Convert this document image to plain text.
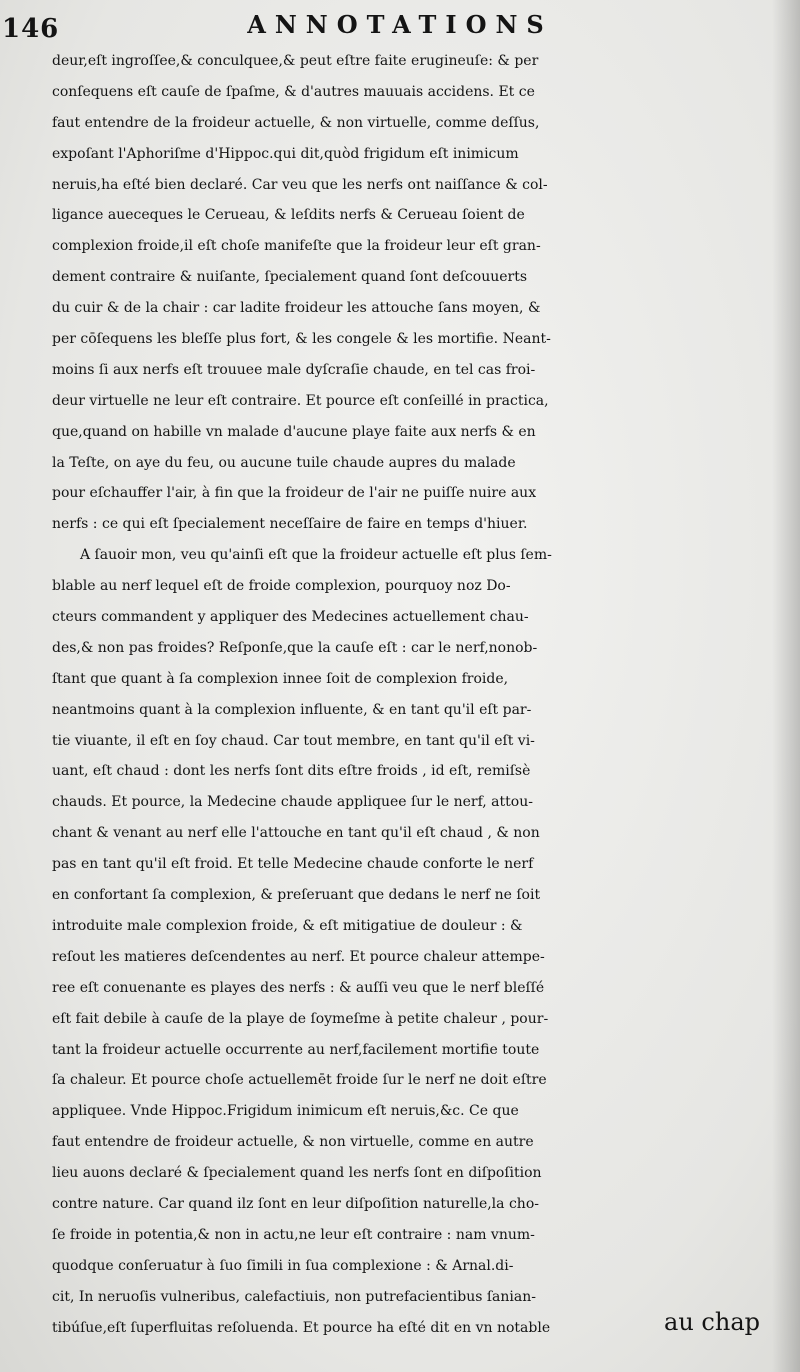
146	ANNOTATIONS
deur,eſt ingroſſee,& conculquee,& peut eſtre faite erugineuſe: & per
conſequens eſt cauſe de ſpaſme, & d'autres mauuais accidens. Et ce
faut entendre de la froideur actuelle, & non virtuelle, comme deſſus,
expoſant l'Aphoriſme d'Hippoc.qui dit,quòd frigidum eſt inimicum
neruis,ha eſté bien declaré. Car veu que les nerfs ont naiſſance & col-
ligance aueceques le Cerueau, & leſdits nerfs & Cerueau ſoient de
complexion froide,il eſt choſe manifeſte que la froideur leur eſt gran-
dement contraire & nuiſante, ſpecialement quand ſont deſcouuerts
du cuir & de la chair : car ladite froideur les attouche ſans moyen, &
per cōſequens les bleſſe plus fort, & les congele & les mortifie. Neant-
moins ſi aux nerfs eſt trouuee male dyſcraſie chaude, en tel cas froi-
deur virtuelle ne leur eſt contraire. Et pource eſt conſeillé in practica,
que,quand on habille vn malade d'aucune playe faite aux nerfs & en
la Teſte, on aye du feu, ou aucune tuile chaude aupres du malade
pour eſchauffer l'air, à fin que la froideur de l'air ne puiſſe nuire aux
nerfs : ce qui eſt ſpecialement neceſſaire de faire en temps d'hiuer.
A ſauoir mon, veu qu'ainſi eſt que la froideur actuelle eſt plus ſem-
blable au nerf lequel eſt de froide complexion, pourquoy noz Do-
cteurs commandent y appliquer des Medecines actuellement chau-
des,& non pas froides? Reſponſe,que la cauſe eſt : car le nerf,nonob-
ſtant que quant à ſa complexion innee ſoit de complexion froide,
neantmoins quant à la complexion influente, & en tant qu'il eſt par-
tie viuante, il eſt en ſoy chaud. Car tout membre, en tant qu'il eſt vi-
uant, eſt chaud : dont les nerfs ſont dits eſtre froids , id eſt, remiſsè
chauds. Et pource, la Medecine chaude appliquee ſur le nerf, attou-
chant & venant au nerf elle l'attouche en tant qu'il eſt chaud , & non
pas en tant qu'il eſt froid. Et telle Medecine chaude conforte le nerf
en confortant ſa complexion, & preſeruant que dedans le nerf ne ſoit
introduite male complexion froide, & eſt mitigatiue de douleur : &
reſout les matieres deſcendentes au nerf. Et pource chaleur attempe-
ree eſt conuenante es playes des nerfs : & auſſi veu que le nerf bleſſé
eſt fait debile à cauſe de la playe de ſoymeſme à petite chaleur , pour-
tant la froideur actuelle occurrente au nerf,facilement mortifie toute
ſa chaleur. Et pource choſe actuellemēt froide ſur le nerf ne doit eſtre
appliquee. Vnde Hippoc.Frigidum inimicum eſt neruis,&c. Ce que
faut entendre de froideur actuelle, & non virtuelle, comme en autre
lieu auons declaré & ſpecialement quand les nerfs ſont en diſpoſition
contre nature. Car quand ilz ſont en leur diſpoſition naturelle,la cho-
ſe froide in potentia,& non in actu,ne leur eſt contraire : nam vnum-
quodque conſeruatur à ſuo ſimili in ſua complexione : & Arnal.di-
cit, In neruoſis vulneribus, calefactiuis, non putrefacientibus ſanian-
tibúſue,eſt ſuperfluitas reſoluenda. Et pource ha eſté dit en vn notable	au chap
